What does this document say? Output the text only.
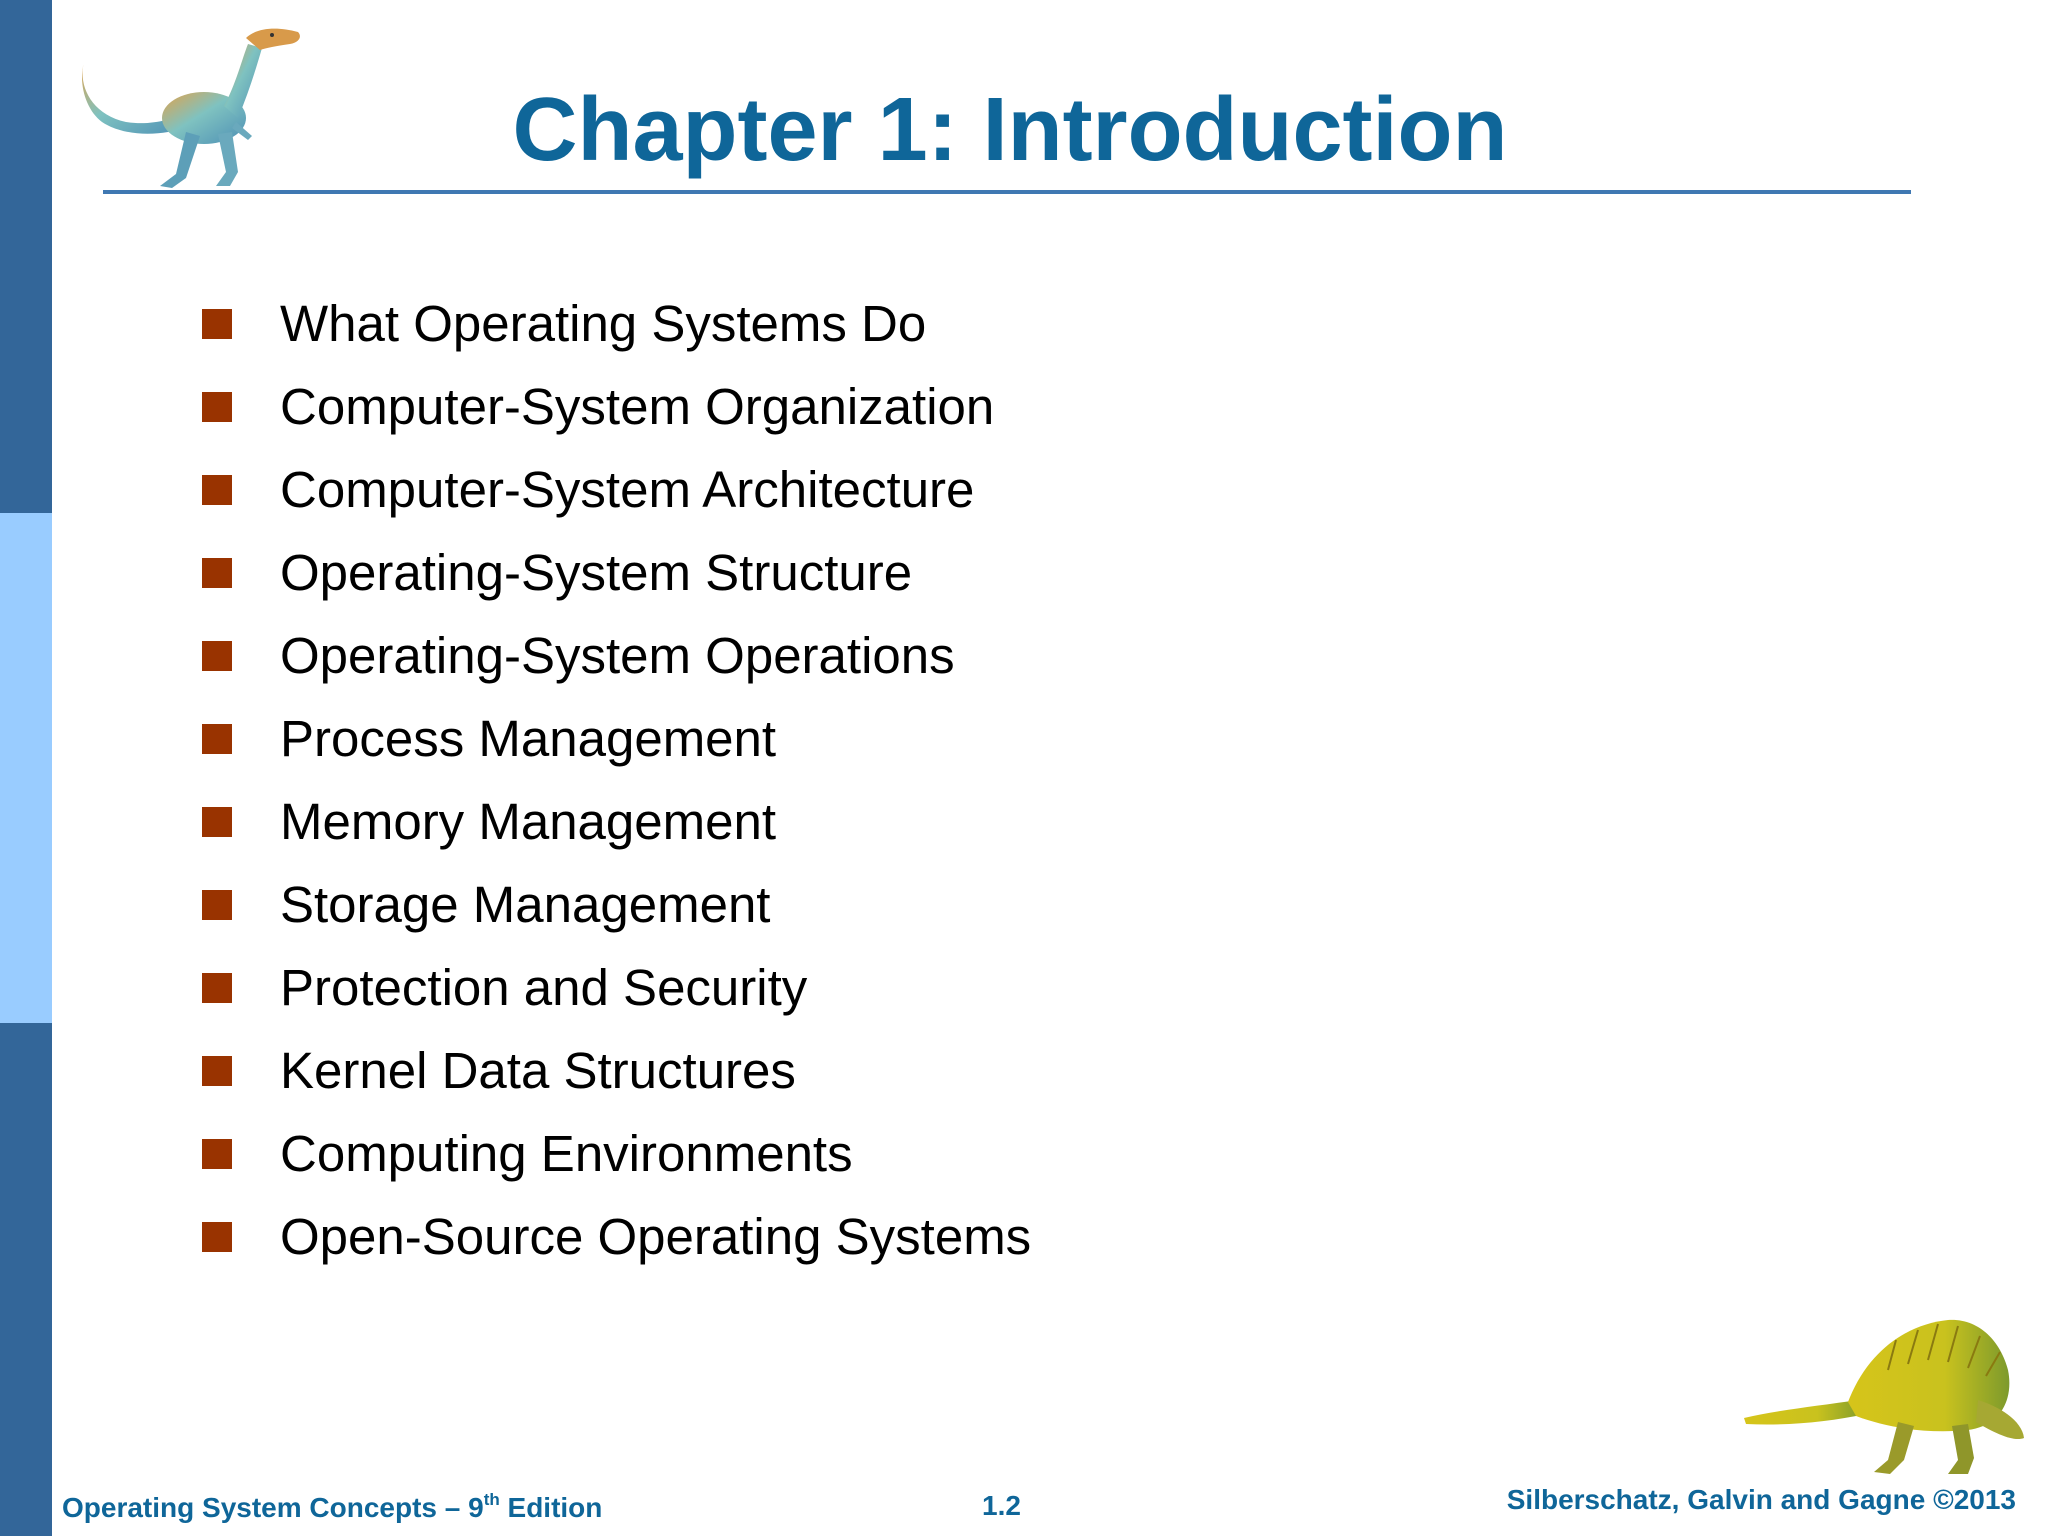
Chapter 1: Introduction
What Operating Systems Do
Computer-System Organization
Computer-System Architecture
Operating-System Structure
Operating-System Operations
Process Management
Memory Management
Storage Management
Protection and Security
Kernel Data Structures
Computing Environments
Open-Source Operating Systems
Operating System Concepts – 9th Edition	1.2	Silberschatz, Galvin and Gagne ©2013
